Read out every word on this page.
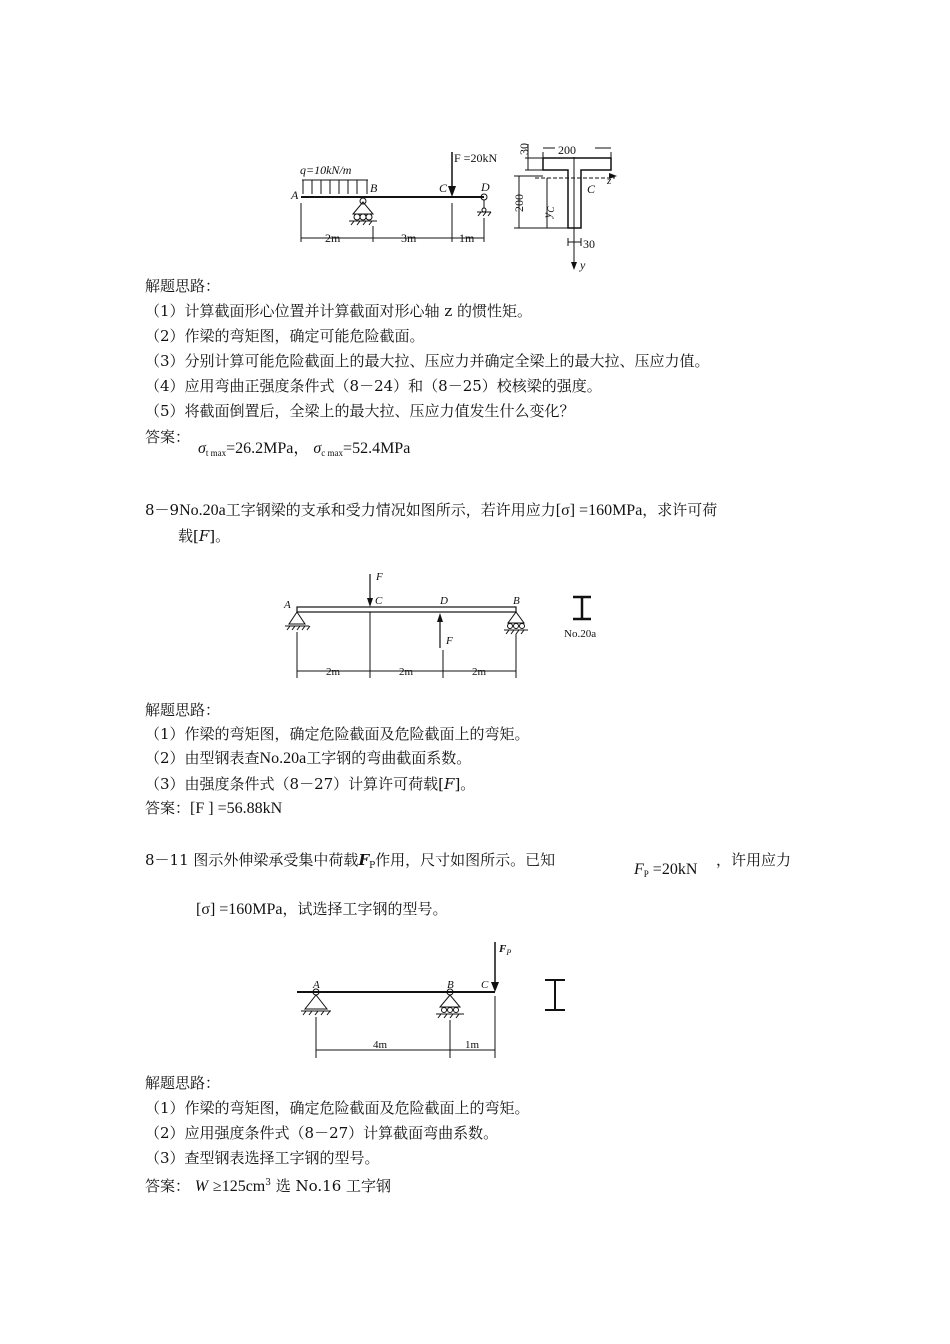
q=10kN/m
A	B	C	D
F =20kN
2m	3m	1m
200
30
200
$y_C$
C
z
30
y
解题思路：
（1）计算截面形心位置并计算截面对形心轴 z 的惯性矩。
（2）作梁的弯矩图，确定可能危险截面。
（3）分别计算可能危险截面上的最大拉、压应力并确定全梁上的最大拉、压应力值。
（4）应用弯曲正强度条件式（8－24）和（8－25）校核梁的强度。
（5）将截面倒置后，全梁上的最大拉、压应力值发生什么变化？
答案：
$\sigma_{t max}=26.2MPa$， $\sigma_{c max}=52.4MPa$
8－9No.20a工字钢梁的支承和受力情况如图所示，若许用应力[σ] =160MPa，求许可荷
载[F]。
A	C	D	B
F
F
2m	2m	2m
No.20a
解题思路：
（1）作梁的弯矩图，确定危险截面及危险截面上的弯矩。
（2）由型钢表查No.20a工字钢的弯曲截面系数。
（3）由强度条件式（8－27）计算许可荷载[F]。
答案：[F ] =56.88kN
8－11 图示外伸梁承受集中荷载$F_P$作用，尺寸如图所示。已知
$F_P =20kN$
，许用应力
[σ] =160MPa，试选择工字钢的型号。
A	B C
$F_P$
4m	1m
解题思路：
（1）作梁的弯矩图，确定危险截面及危险截面上的弯矩。
（2）应用强度条件式（8－27）计算截面弯曲系数。
（3）查型钢表选择工字钢的型号。
答案： $W \ge 125cm^3$ 选 No.16 工字钢
